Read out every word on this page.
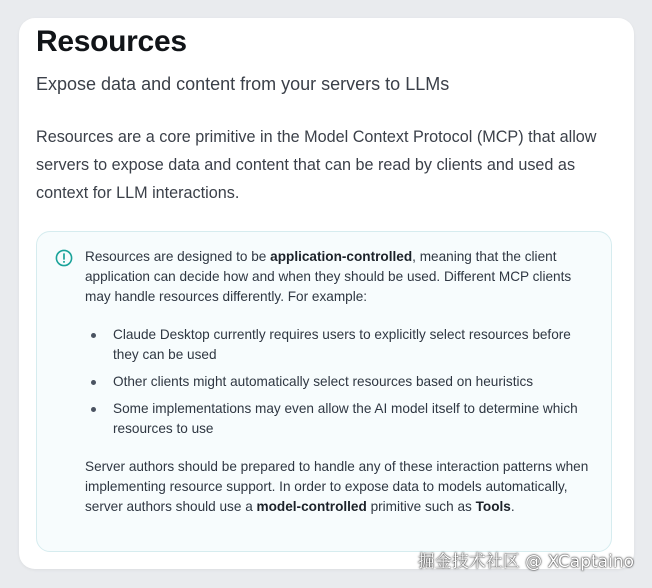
Resources

Expose data and content from your servers to LLMs

Resources are a core primitive in the Model Context Protocol (MCP) that allow servers to expose data and content that can be read by clients and used as context for LLM interactions.

Resources are designed to be application-controlled, meaning that the client application can decide how and when they should be used. Different MCP clients may handle resources differently. For example:

Claude Desktop currently requires users to explicitly select resources before they can be used
Other clients might automatically select resources based on heuristics
Some implementations may even allow the AI model itself to determine which resources to use

Server authors should be prepared to handle any of these interaction patterns when implementing resource support. In order to expose data to models automatically, server authors should use a model-controlled primitive such as Tools.

掘金技术社区 @ XCaptaino
